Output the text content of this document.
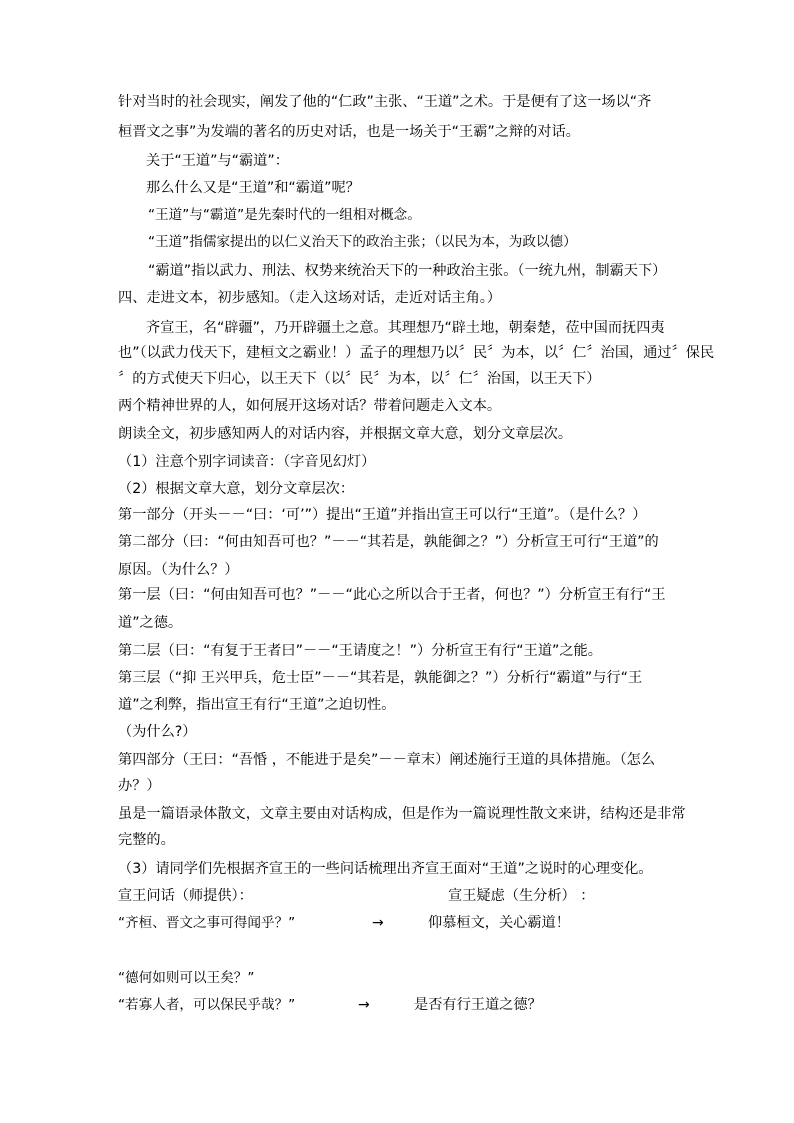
针对当时的社会现实，阐发了他的“仁政”主张、“王道”之术。于是便有了这一场以“齐
桓晋文之事”为发端的著名的历史对话，也是一场关于“王霸”之辩的对话。
关于“王道”与“霸道”：
那么什么又是“王道”和“霸道”呢？
“王道”与“霸道”是先秦时代的一组相对概念。
“王道”指儒家提出的以仁义治天下的政治主张；（以民为本，为政以德）
“霸道”指以武力、刑法、权势来统治天下的一种政治主张。（一统九州，制霸天下）
四、走进文本，初步感知。（走入这场对话，走近对话主角。）
齐宣王，名“辟疆”，乃开辟疆土之意。其理想乃“辟土地，朝秦楚，莅中国而抚四夷
也”（以武力伐天下，建桓文之霸业！）孟子的理想乃以〞民〞为本，以〞仁〞治国，通过〞保民
〞的方式使天下归心，以王天下（以〞民〞为本，以〞仁〞治国，以王天下）
两个精神世界的人，如何展开这场对话？带着问题走入文本。
朗读全文，初步感知两人的对话内容，并根据文章大意，划分文章层次。
（1）注意个别字词读音：（字音见幻灯）
（2）根据文章大意，划分文章层次：
第一部分（开头－－“曰：‘可’”）提出“王道”并指出宣王可以行“王道”。（是什么？）
第二部分（曰：“何由知吾可也？”－－“其若是，孰能御之？”）分析宣王可行“王道”的
原因。（为什么？）
第一层（曰：“何由知吾可也？”－－“此心之所以合于王者，何也？”）分析宣王有行“王
道”之德。
第二层（曰：“有复于王者曰”－－“王请度之！”）分析宣王有行“王道”之能。
第三层（“抑 王兴甲兵，危士臣”－－“其若是，孰能御之？”）分析行“霸道”与行“王
道”之利弊，指出宣王有行“王道”之迫切性。
（为什么?）
第四部分（王曰：“吾惛 ，不能进于是矣”－－章末）阐述施行王道的具体措施。（怎么
办？）
虽是一篇语录体散文，文章主要由对话构成，但是作为一篇说理性散文来讲，结构还是非常
完整的。
（3）请同学们先根据齐宣王的一些问话梳理出齐宣王面对“王道”之说时的心理变化。
宣王问话（师提供）：	宣王疑虑（生分析） ：
“齐桓、晋文之事可得闻乎？”	→	仰慕桓文，关心霸道！
“德何如则可以王矣？”
“若寡人者，可以保民乎哉？”	→	是否有行王道之德？
